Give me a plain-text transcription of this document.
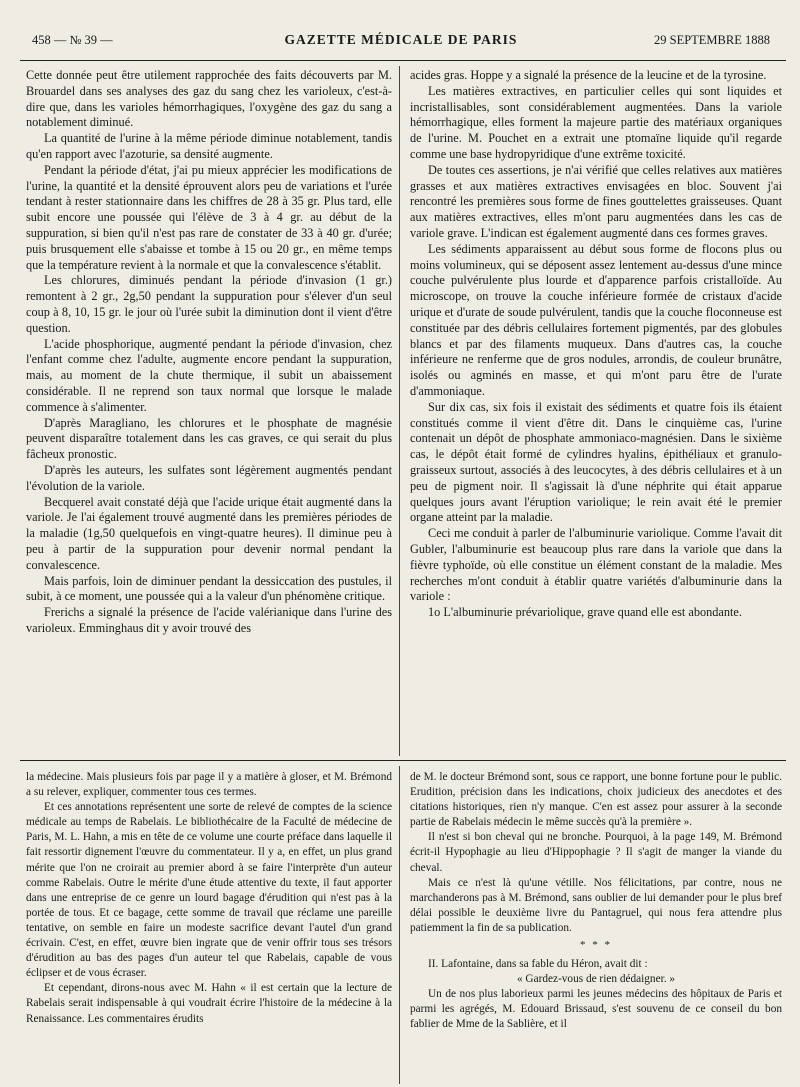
458 — № 39 —	GAZETTE MÉDICALE DE PARIS	29 SEPTEMBRE 1888

Cette donnée peut être utilement rapprochée des faits découverts par M. Brouardel dans ses analyses des gaz du sang chez les varioleux, c'est-à-dire que, dans les varioles hémorrhagiques, l'oxygène des gaz du sang a notablement diminué.

La quantité de l'urine à la même période diminue notablement, tandis qu'en rapport avec l'azoturie, sa densité augmente.

Pendant la période d'état, j'ai pu mieux apprécier les modifications de l'urine, la quantité et la densité éprouvent alors peu de variations et l'urée tendant à rester stationnaire dans les chiffres de 28 à 35 gr. Plus tard, elle subit encore une poussée qui l'élève de 3 à 4 gr. au début de la suppuration, si bien qu'il n'est pas rare de constater de 33 à 40 gr. d'urée; puis brusquement elle s'abaisse et tombe à 15 ou 20 gr., en même temps que la température revient à la normale et que la convalescence s'établit.

Les chlorures, diminués pendant la période d'invasion (1 gr.) remontent à 2 gr., 2g,50 pendant la suppuration pour s'élever d'un seul coup à 8, 10, 15 gr. le jour où l'urée subit la diminution dont il vient d'être question.

L'acide phosphorique, augmenté pendant la période d'invasion, chez l'enfant comme chez l'adulte, augmente encore pendant la suppuration, mais, au moment de la chute thermique, il subit un abaissement considérable. Il ne reprend son taux normal que lorsque le malade commence à s'alimenter.

D'après Maragliano, les chlorures et le phosphate de magnésie peuvent disparaître totalement dans les cas graves, ce qui serait du plus fâcheux pronostic.

D'après les auteurs, les sulfates sont légèrement augmentés pendant l'évolution de la variole.

Becquerel avait constaté déjà que l'acide urique était augmenté dans la variole. Je l'ai également trouvé augmenté dans les premières périodes de la maladie (1g,50 quelquefois en vingt-quatre heures). Il diminue peu à peu à partir de la suppuration pour devenir normal pendant la convalescence.

Mais parfois, loin de diminuer pendant la dessiccation des pustules, il subit, à ce moment, une poussée qui a la valeur d'un phénomène critique.

Frerichs a signalé la présence de l'acide valérianique dans l'urine des varioleux. Emminghaus dit y avoir trouvé des

acides gras. Hoppe y a signalé la présence de la leucine et de la tyrosine.

Les matières extractives, en particulier celles qui sont liquides et incristallisables, sont considérablement augmentées. Dans la variole hémorrhagique, elles forment la majeure partie des matériaux organiques de l'urine. M. Pouchet en a extrait une ptomaïne liquide qu'il regarde comme une base hydropyridique d'une extrême toxicité.

De toutes ces assertions, je n'ai vérifié que celles relatives aux matières grasses et aux matières extractives envisagées en bloc. Souvent j'ai rencontré les premières sous forme de fines gouttelettes graisseuses. Quant aux matières extractives, elles m'ont paru augmentées dans les cas de variole grave. L'indican est également augmenté dans ces formes graves.

Les sédiments apparaissent au début sous forme de flocons plus ou moins volumineux, qui se déposent assez lentement au-dessus d'une mince couche pulvérulente plus lourde et d'apparence parfois cristalloïde. Au microscope, on trouve la couche inférieure formée de cristaux d'acide urique et d'urate de soude pulvérulent, tandis que la couche floconneuse est constituée par des débris cellulaires fortement pigmentés, par des globules blancs et par des filaments muqueux. Dans d'autres cas, la couche inférieure ne renferme que de gros nodules, arrondis, de couleur brunâtre, isolés ou agminés en masse, et qui m'ont paru être de l'urate d'ammoniaque.

Sur dix cas, six fois il existait des sédiments et quatre fois ils étaient constitués comme il vient d'être dit. Dans le cinquième cas, l'urine contenait un dépôt de phosphate ammoniaco-magnésien. Dans le sixième cas, le dépôt était formé de cylindres hyalins, épithéliaux et granulo-graisseux surtout, associés à des leucocytes, à des débris cellulaires et à un peu de pigment noir. Il s'agissait là d'une néphrite qui était apparue quelques jours avant l'éruption variolique; le rein avait été le premier organe atteint par la maladie.

Ceci me conduit à parler de l'albuminurie variolique. Comme l'avait dit Gubler, l'albuminurie est beaucoup plus rare dans la variole que dans la fièvre typhoïde, où elle constitue un élément constant de la maladie. Mes recherches m'ont conduit à établir quatre variétés d'albuminurie dans la variole :

1o L'albuminurie prévariolique, grave quand elle est abondante.

la médecine. Mais plusieurs fois par page il y a matière à gloser, et M. Brémond a su relever, expliquer, commenter tous ces termes.

Et ces annotations représentent une sorte de relevé de comptes de la science médicale au temps de Rabelais. Le bibliothécaire de la Faculté de médecine de Paris, M. L. Hahn, a mis en tête de ce volume une courte préface dans laquelle il fait ressortir dignement l'œuvre du commentateur. Il y a, en effet, un plus grand mérite que l'on ne croirait au premier abord à se faire l'interprète d'un auteur comme Rabelais. Outre le mérite d'une étude attentive du texte, il faut apporter dans une entreprise de ce genre un lourd bagage d'érudition qui n'est pas à la portée de tous. Et ce bagage, cette somme de travail que réclame une pareille tentative, on semble en faire un modeste sacrifice devant l'autel d'un grand écrivain. C'est, en effet, œuvre bien ingrate que de venir offrir tous ses trésors d'érudition au bas des pages d'un auteur tel que Rabelais, capable de vous éclipser et de vous écraser.

Et cependant, dirons-nous avec M. Hahn « il est certain que la lecture de Rabelais serait indispensable à qui voudrait écrire l'histoire de la médecine à la Renaissance. Les commentaires érudits

de M. le docteur Brémond sont, sous ce rapport, une bonne fortune pour le public. Erudition, précision dans les indications, choix judicieux des anecdotes et des citations historiques, rien n'y manque. C'en est assez pour assurer à la seconde partie de Rabelais médecin le même succès qu'à la première ».

Il n'est si bon cheval qui ne bronche. Pourquoi, à la page 149, M. Brémond écrit-il Hypophagie au lieu d'Hippophagie ? Il s'agit de manger la viande du cheval.

Mais ce n'est là qu'une vétille. Nos félicitations, par contre, nous ne marchanderons pas à M. Brémond, sans oublier de lui demander pour le plus bref délai possible le deuxième livre du Pantagruel, qui nous fera attendre plus patiemment la fin de sa publication.

* * *

II. Lafontaine, dans sa fable du Héron, avait dit :

« Gardez-vous de rien dédaigner. »

Un de nos plus laborieux parmi les jeunes médecins des hôpitaux de Paris et parmi les agrégés, M. Edouard Brissaud, s'est souvenu de ce conseil du bon fablier de Mme de la Sablière, et il
